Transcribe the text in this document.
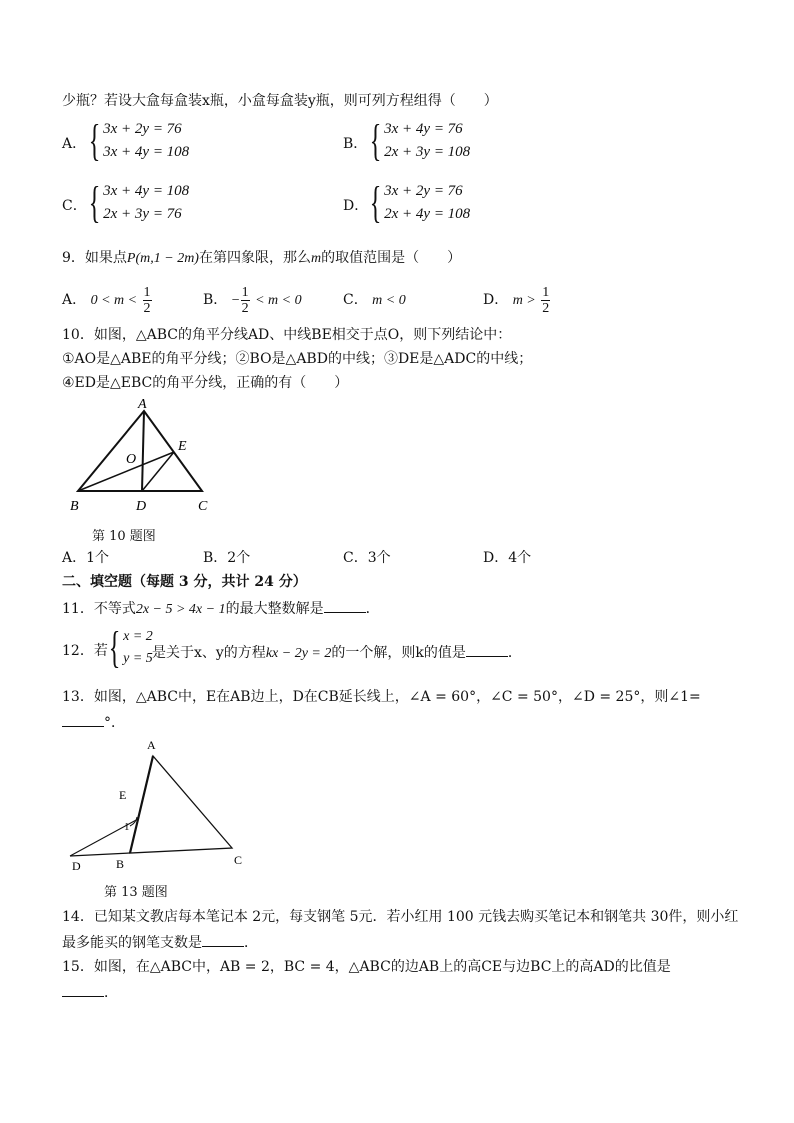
少瓶？若设大盒每盒装x瓶，小盒每盒装y瓶，则可列方程组得（　　）
A． { 3x + 2y = 76
3x + 4y = 108	B． { 3x + 4y = 76
2x + 3y = 108
C． { 3x + 4y = 108
2x + 3y = 76	D． { 3x + 2y = 76
2x + 4y = 108
9．如果点P(m,1 − 2m)在第四象限，那么m的取值范围是（　　）
A． $0 < m < \frac{1}{2}$	B． − $\frac{1}{2} < m < 0$	C． m < 0	D． $m > \frac{1}{2}$
10．如图，△ABC的角平分线AD、中线BE相交于点O，则下列结论中：
①AO是△ABE的角平分线；②BO是△ABD的中线；③DE是△ADC的中线；
④ED是△EBC的角平分线，正确的有（　　）
A
B	D	C
E
O
第 10 题图
A．1个	B．2个	C．3个	D．4个
二、填空题（每题 3 分，共计 24 分）
11．不等式2x − 5 > 4x − 1的最大整数解是	．
12．若 { x = 2
y = 5 是关于x、y的方程kx − 2y = 2的一个解，则k的值是	．
13．如图，△ABC中，E在AB边上，D在CB延长线上，∠A = 60°，∠C = 50°，∠D = 25°，则∠1=
°．
A
E
1
D	B	C
第 13 题图
14．已知某文教店每本笔记本 2元，每支钢笔 5元．若小红用 100 元钱去购买笔记本和钢笔共 30件，则小红
最多能买的钢笔支数是	．
15．如图，在△ABC中，AB = 2，BC = 4，△ABC的边AB上的高CE与边BC上的高AD的比值是
．
